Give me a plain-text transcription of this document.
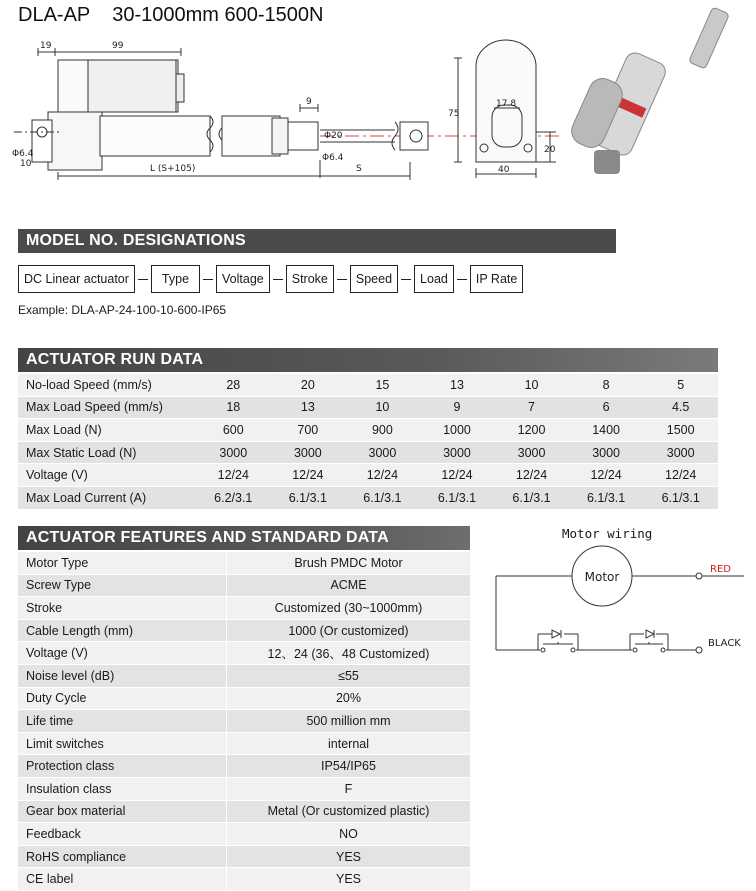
DLA-AP 30-1000mm 600-1500N
19	99
Φ6.4
10	L (S+105)
9
Φ20
Φ6.4
S
75
17.8
20
40
MODEL NO. DESIGNATIONS
DC Linear actuator	Type	Voltage	Stroke	Speed	Load	IP Rate
Example: DLA-AP-24-100-10-600-IP65
ACTUATOR RUN DATA
No-load Speed (mm/s)	28	20	15	13	10	8	5
Max Load Speed (mm/s)	18	13	10	9	7	6	4.5
Max Load (N)	600	700	900	1000	1200	1400	1500
Max Static Load (N)	3000	3000	3000	3000	3000	3000	3000
Voltage (V)	12/24	12/24	12/24	12/24	12/24	12/24	12/24
Max Load Current (A)	6.2/3.1	6.1/3.1	6.1/3.1	6.1/3.1	6.1/3.1	6.1/3.1	6.1/3.1
ACTUATOR FEATURES AND STANDARD DATA
Motor Type	Brush PMDC Motor
Screw Type	ACME
Stroke	Customized (30~1000mm)
Cable Length (mm)	1000 (Or customized)
Voltage (V)	12、24 (36、48 Customized)
Noise level (dB)	≤55
Duty Cycle	20%
Life time	500 million mm
Limit switches	internal
Protection class	IP54/IP65
Insulation class	F
Gear box material	Metal (Or customized plastic)
Feedback	NO
RoHS compliance	YES
CE label	YES
Motor wiring
Motor
RED
BLACK
